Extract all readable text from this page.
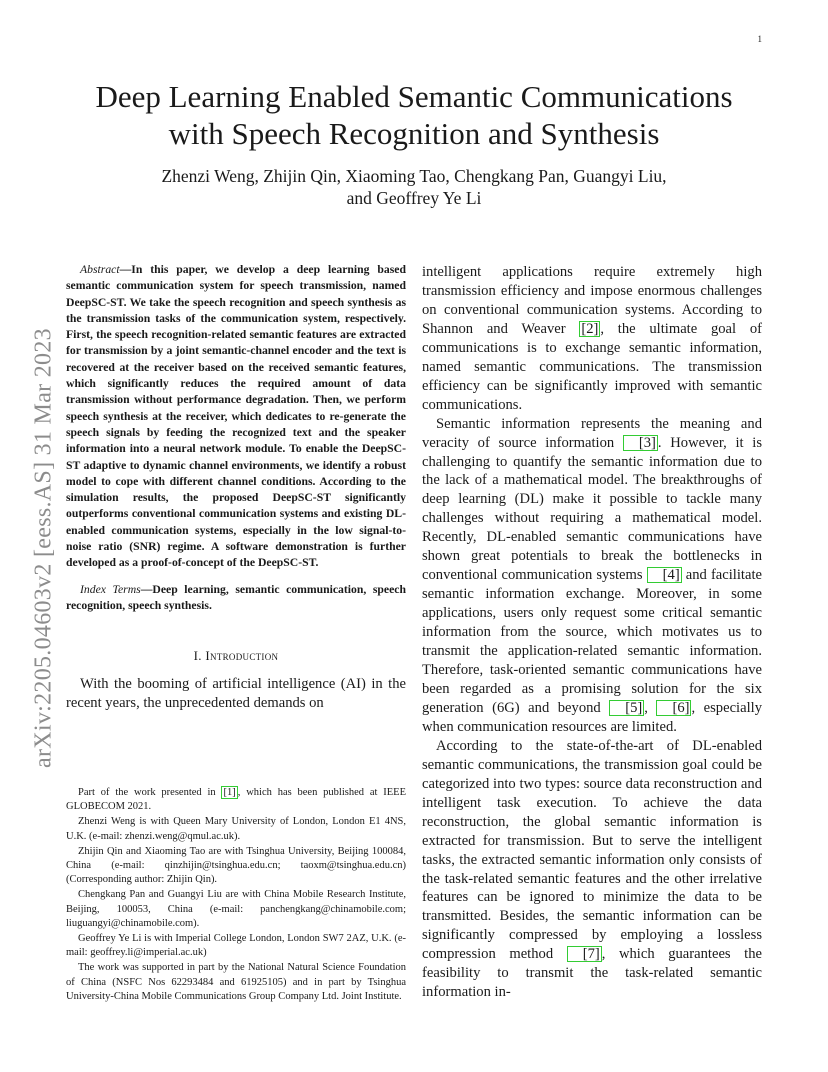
1
Deep Learning Enabled Semantic Communications
with Speech Recognition and Synthesis
Zhenzi Weng, Zhijin Qin, Xiaoming Tao, Chengkang Pan, Guangyi Liu,
and Geoffrey Ye Li
arXiv:2205.04603v2 [eess.AS] 31 Mar 2023

Abstract—In this paper, we develop a deep learning based semantic communication system for speech transmission, named DeepSC-ST. We take the speech recognition and speech synthesis as the transmission tasks of the communication system, respectively. First, the speech recognition-related semantic features are extracted for transmission by a joint semantic-channel encoder and the text is recovered at the receiver based on the received semantic features, which significantly reduces the required amount of data transmission without performance degradation. Then, we perform speech synthesis at the receiver, which dedicates to re-generate the speech signals by feeding the recognized text and the speaker information into a neural network module. To enable the DeepSC-ST adaptive to dynamic channel environments, we identify a robust model to cope with different channel conditions. According to the simulation results, the proposed DeepSC-ST significantly outperforms conventional communication systems and existing DL-enabled communication systems, especially in the low signal-to-noise ratio (SNR) regime. A software demonstration is further developed as a proof-of-concept of the DeepSC-ST.

Index Terms—Deep learning, semantic communication, speech recognition, speech synthesis.

I. Introduction

With the booming of artificial intelligence (AI) in the recent years, the unprecedented demands on

Part of the work presented in [1] , which has been published at IEEE GLOBECOM 2021.

Zhenzi Weng is with Queen Mary University of London, London E1 4NS, U.K. (e-mail: zhenzi.weng@qmul.ac.uk).

Zhijin Qin and Xiaoming Tao are with Tsinghua University, Beijing 100084, China (e-mail: qinzhijin@tsinghua.edu.cn; taoxm@tsinghua.edu.cn)(Corresponding author: Zhijin Qin).

Chengkang Pan and Guangyi Liu are with China Mobile Research Institute, Beijing, 100053, China (e-mail: panchengkang@chinamobile.com; liuguangyi@chinamobile.com).

Geoffrey Ye Li is with Imperial College London, London SW7 2AZ, U.K. (e-mail: geoffrey.li@imperial.ac.uk)

The work was supported in part by the National Natural Science Foundation of China (NSFC Nos 62293484 and 61925105) and in part by Tsinghua University-China Mobile Communications Group Company Ltd. Joint Institute.

intelligent applications require extremely high transmission efficiency and impose enormous challenges on conventional communication systems. According to Shannon and Weaver [2] , the ultimate goal of communications is to exchange semantic information, named semantic communications. The transmission efficiency can be significantly improved with semantic communications.

Semantic information represents the meaning and veracity of source information [3] . However, it is challenging to quantify the semantic information due to the lack of a mathematical model. The breakthroughs of deep learning (DL) make it possible to tackle many challenges without requiring a mathematical model. Recently, DL-enabled semantic communications have shown great potentials to break the bottlenecks in conventional communication systems [4] and facilitate semantic information exchange. Moreover, in some applications, users only request some critical semantic information from the source, which motivates us to transmit the application-related semantic information. Therefore, task-oriented semantic communications have been regarded as a promising solution for the six generation (6G) and beyond [5] , [6] , especially when communication resources are limited.

According to the state-of-the-art of DL-enabled semantic communications, the transmission goal could be categorized into two types: source data reconstruction and intelligent task execution. To achieve the data reconstruction, the global semantic information is extracted for transmission. But to serve the intelligent tasks, the extracted semantic information only consists of the task-related semantic features and the other irrelative features can be ignored to minimize the data to be transmitted. Besides, the semantic information can be significantly compressed by employing a lossless compression method [7] , which guarantees the feasibility to transmit the task-related semantic information in-
